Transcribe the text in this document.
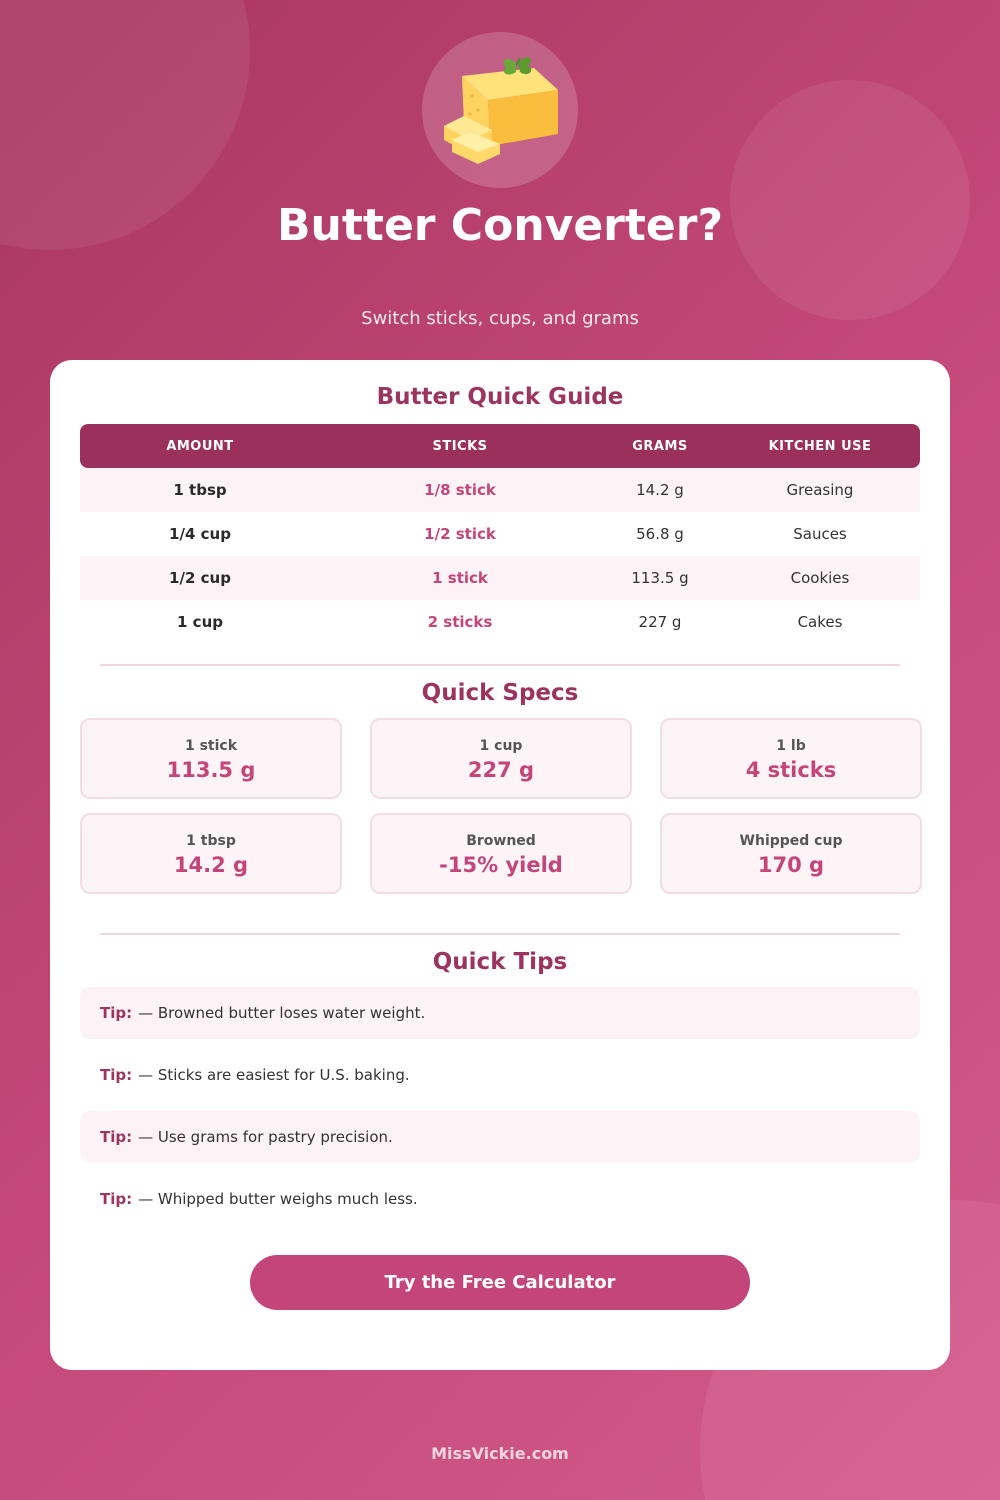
Butter Converter?
Switch sticks, cups, and grams
Butter Quick Guide
AMOUNT	STICKS	GRAMS	KITCHEN USE
1 tbsp	1/8 stick	14.2 g	Greasing
1/4 cup	1/2 stick	56.8 g	Sauces
1/2 cup	1 stick	113.5 g	Cookies
1 cup	2 sticks	227 g	Cakes
Quick Specs
1 stick
113.5 g
1 cup
227 g
1 lb
4 sticks
1 tbsp
14.2 g
Browned
-15% yield
Whipped cup
170 g
Quick Tips
Tip: — Browned butter loses water weight.
Tip: — Sticks are easiest for U.S. baking.
Tip: — Use grams for pastry precision.
Tip: — Whipped butter weighs much less.
Try the Free Calculator
MissVickie.com
